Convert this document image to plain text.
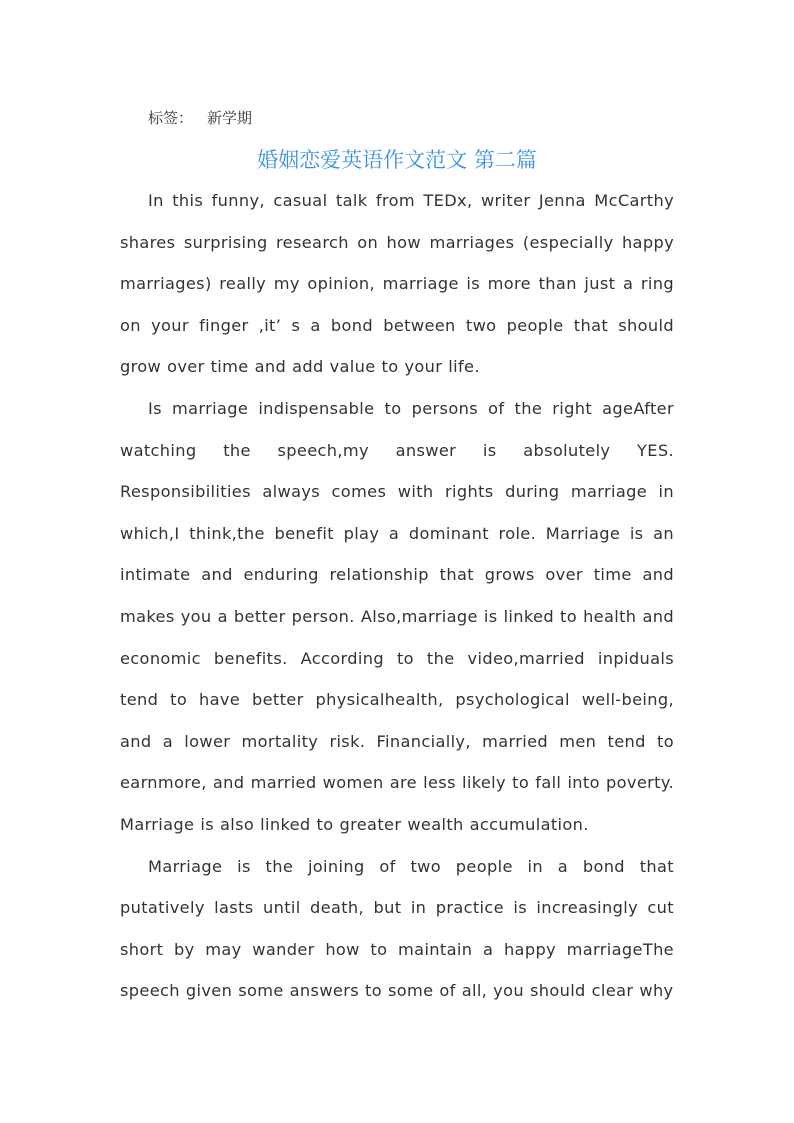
标签： 新学期
婚姻恋爱英语作文范文 第二篇

In this funny, casual talk from TEDx, writer Jenna McCarthy shares surprising research on how marriages (especially happy marriages) really my opinion, marriage is more than just a ring on your finger ,it’ s a bond between two people that should grow over time and add value to your life.

Is marriage indispensable to persons of the right ageAfter watching the speech,my answer is absolutely YES. Responsibilities always comes with rights during marriage in which,I think,the benefit play a dominant role. Marriage is an intimate and enduring relationship that grows over time and makes you a better person. Also,marriage is linked to health and economic benefits. According to the video,married inpiduals tend to have better physicalhealth, psychological well-being, and a lower mortality risk. Financially, married men tend to earnmore, and married women are less likely to fall into poverty. Marriage is also linked to greater wealth accumulation.

Marriage is the joining of two people in a bond that putatively lasts until death, but in practice is increasingly cut short by may wander how to maintain a happy marriageThe speech given some answers to some of all, you should clear why
